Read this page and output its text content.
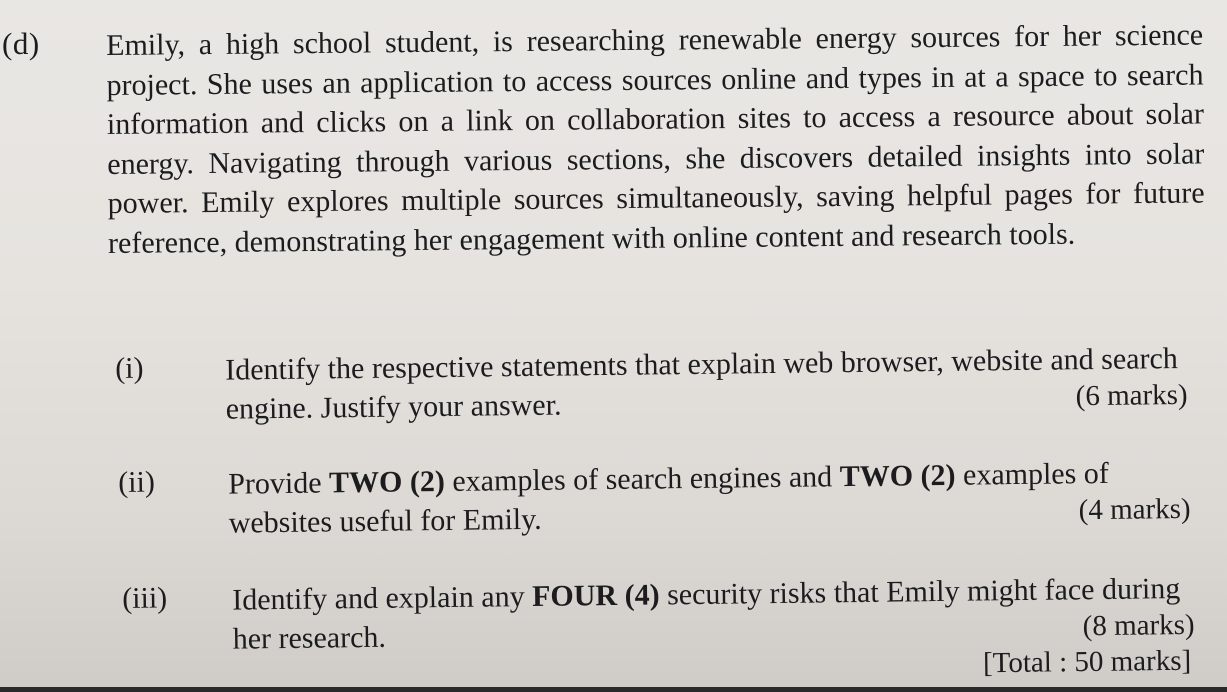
(d) Emily, a high school student, is researching renewable energy sources for her science project. She uses an application to access sources online and types in at a space to search information and clicks on a link on collaboration sites to access a resource about solar energy. Navigating through various sections, she discovers detailed insights into solar power. Emily explores multiple sources simultaneously, saving helpful pages for future reference, demonstrating her engagement with online content and research tools.
(i)	Identify the respective statements that explain web browser, website and search engine. Justify your answer.	(6 marks)
(ii) Provide TWO (2) examples of search engines and TWO (2) examples of websites useful for Emily.	(4 marks)
(iii) Identify and explain any FOUR (4) security risks that Emily might face during her research.	(8 marks)
[Total : 50 marks]
